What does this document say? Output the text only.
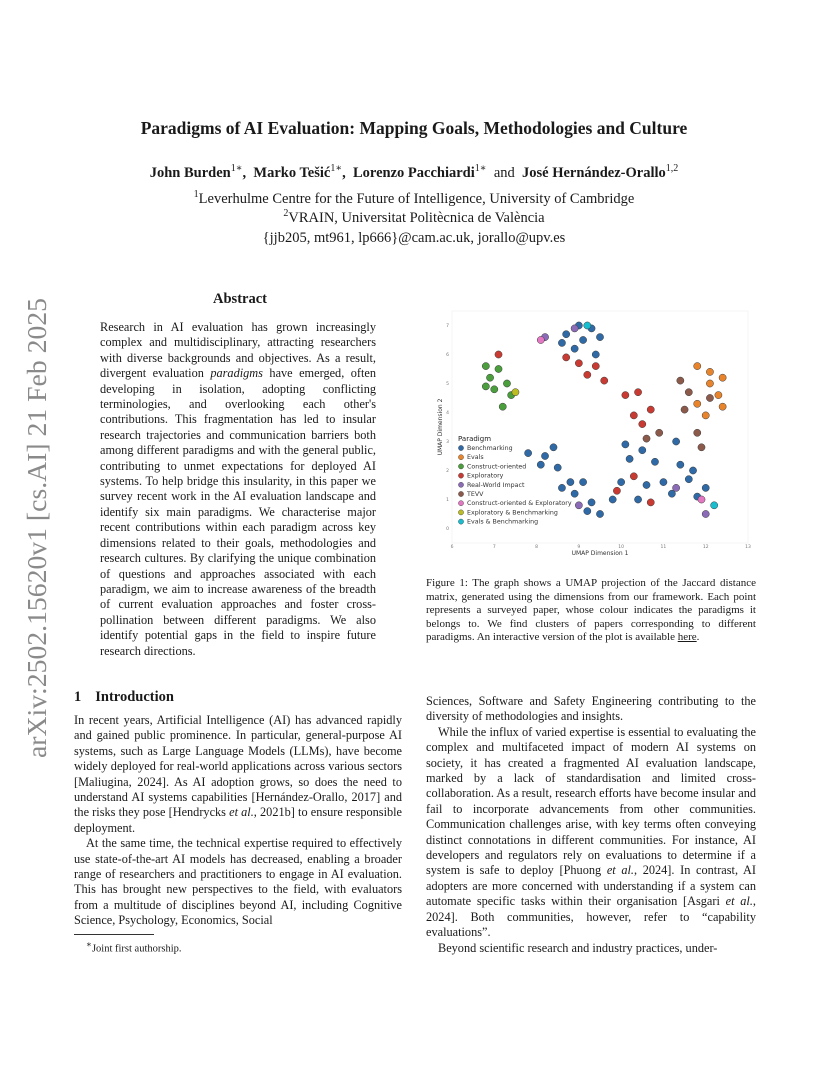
arXiv:2502.15620v1 [cs.AI] 21 Feb 2025
Paradigms of AI Evaluation: Mapping Goals, Methodologies and Culture
John Burden$^{1∗}$,  Marko Tešić$^{1∗}$,  Lorenzo Pacchiardi$^{1∗}$ and José Hernández-Orallo$^{1,2}$
$^1$Leverhulme Centre for the Future of Intelligence, University of Cambridge
$^2$VRAIN, Universitat Politècnica de València
{jjb205, mt961, lp666}@cam.ac.uk, jorallo@upv.es
Abstract
Research in AI evaluation has grown increasingly complex and multidisciplinary, attracting researchers with diverse backgrounds and objectives. As a result, divergent evaluation paradigms have emerged, often developing in isolation, adopting conflicting terminologies, and overlooking each other's contributions. This fragmentation has led to insular research trajectories and communication barriers both among different paradigms and with the general public, contributing to unmet expectations for deployed AI systems. To help bridge this insularity, in this paper we survey recent work in the AI evaluation landscape and identify six main paradigms. We characterise major recent contributions within each paradigm across key dimensions related to their goals, methodologies and research cultures. By clarifying the unique combination of questions and approaches associated with each paradigm, we aim to increase awareness of the breadth of current evaluation approaches and foster cross-pollination between different paradigms. We also identify potential gaps in the field to inspire future research directions.
6	7	8	9	10	11	12	13
7
6
5
4
3
2
1
0
UMAP Dimension 1
UMAP Dimension 2 Paradigm
Benchmarking
Evals
Construct-oriented
Exploratory
Real-World Impact
TEVV
Construct-oriented & Exploratory
Exploratory & Benchmarking
Evals & Benchmarking
Figure 1: The graph shows a UMAP projection of the Jaccard distance matrix, generated using the dimensions from our framework. Each point represents a surveyed paper, whose colour indicates the paradigms it belongs to. We find clusters of papers corresponding to different paradigms. An interactive version of the plot is available here.
1 Introduction

In recent years, Artificial Intelligence (AI) has advanced rapidly and gained public prominence. In particular, general-purpose AI systems, such as Large Language Models (LLMs), have become widely deployed for real-world applications across various sectors [Maliugina, 2024]. As AI adoption grows, so does the need to understand AI systems capabilities [Hernández-Orallo, 2017] and the risks they pose [Hendrycks et al., 2021b] to ensure responsible deployment.

At the same time, the technical expertise required to effectively use state-of-the-art AI models has decreased, enabling a broader range of researchers and practitioners to engage in AI evaluation. This has brought new perspectives to the field, with evaluators from a multitude of disciplines beyond AI, including Cognitive Science, Psychology, Economics, Social

∗Joint first authorship.

Sciences, Software and Safety Engineering contributing to the diversity of methodologies and insights.

While the influx of varied expertise is essential to evaluating the complex and multifaceted impact of modern AI systems on society, it has created a fragmented AI evaluation landscape, marked by a lack of standardisation and limited cross-collaboration. As a result, research efforts have become insular and fail to incorporate advancements from other communities. Communication challenges arise, with key terms often conveying distinct connotations in different communities. For instance, AI developers and regulators rely on evaluations to determine if a system is safe to deploy [Phuong et al., 2024]. In contrast, AI adopters are more concerned with understanding if a system can automate specific tasks within their organisation [Asgari et al., 2024]. Both communities, however, refer to “capability evaluations”.

Beyond scientific research and industry practices, under-
